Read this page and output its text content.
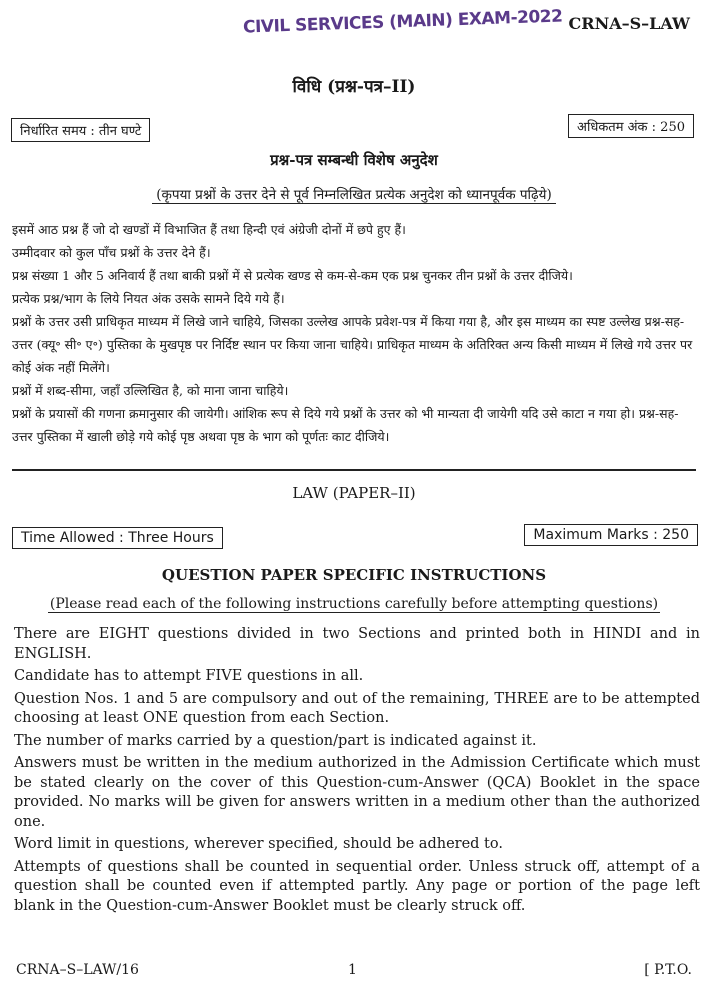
CIVIL SERVICES (MAIN) EXAM-2022 CRNA–S–LAW
विधि (प्रश्न-पत्र–II)
निर्धारित समय : तीन घण्टे	अधिकतम अंक : 250
प्रश्न-पत्र सम्बन्धी विशेष अनुदेश
(कृपया प्रश्नों के उत्तर देने से पूर्व निम्नलिखित प्रत्येक अनुदेश को ध्यानपूर्वक पढ़िये)
इसमें आठ प्रश्न हैं जो दो खण्डों में विभाजित हैं तथा हिन्दी एवं अंग्रेजी दोनों में छपे हुए हैं।
उम्मीदवार को कुल पाँच प्रश्नों के उत्तर देने हैं।
प्रश्न संख्या 1 और 5 अनिवार्य हैं तथा बाकी प्रश्नों में से प्रत्येक खण्ड से कम-से-कम एक प्रश्न चुनकर तीन प्रश्नों के उत्तर दीजिये।
प्रत्येक प्रश्न/भाग के लिये नियत अंक उसके सामने दिये गये हैं।
प्रश्नों के उत्तर उसी प्राधिकृत माध्यम में लिखे जाने चाहिये, जिसका उल्लेख आपके प्रवेश-पत्र में किया गया है, और इस माध्यम का स्पष्ट उल्लेख प्रश्न-सह-उत्तर (क्यू॰ सी॰ ए॰) पुस्तिका के मुखपृष्ठ पर निर्दिष्ट स्थान पर किया जाना चाहिये। प्राधिकृत माध्यम के अतिरिक्त अन्य किसी माध्यम में लिखे गये उत्तर पर कोई अंक नहीं मिलेंगे।
प्रश्नों में शब्द-सीमा, जहाँ उल्लिखित है, को माना जाना चाहिये।
प्रश्नों के प्रयासों की गणना क्रमानुसार की जायेगी। आंशिक रूप से दिये गये प्रश्नों के उत्तर को भी मान्यता दी जायेगी यदि उसे काटा न गया हो। प्रश्न-सह-उत्तर पुस्तिका में खाली छोड़े गये कोई पृष्ठ अथवा पृष्ठ के भाग को पूर्णतः काट दीजिये।
LAW (PAPER–II)
Time Allowed : Three Hours	Maximum Marks : 250
QUESTION PAPER SPECIFIC INSTRUCTIONS
(Please read each of the following instructions carefully before attempting questions)
There are EIGHT questions divided in two Sections and printed both in HINDI and in ENGLISH.
Candidate has to attempt FIVE questions in all.
Question Nos. 1 and 5 are compulsory and out of the remaining, THREE are to be attempted choosing at least ONE question from each Section.
The number of marks carried by a question/part is indicated against it.
Answers must be written in the medium authorized in the Admission Certificate which must be stated clearly on the cover of this Question-cum-Answer (QCA) Booklet in the space provided. No marks will be given for answers written in a medium other than the authorized one.
Word limit in questions, wherever specified, should be adhered to.
Attempts of questions shall be counted in sequential order. Unless struck off, attempt of a question shall be counted even if attempted partly. Any page or portion of the page left blank in the Question-cum-Answer Booklet must be clearly struck off.
CRNA–S–LAW/16	1	[ P.T.O.
